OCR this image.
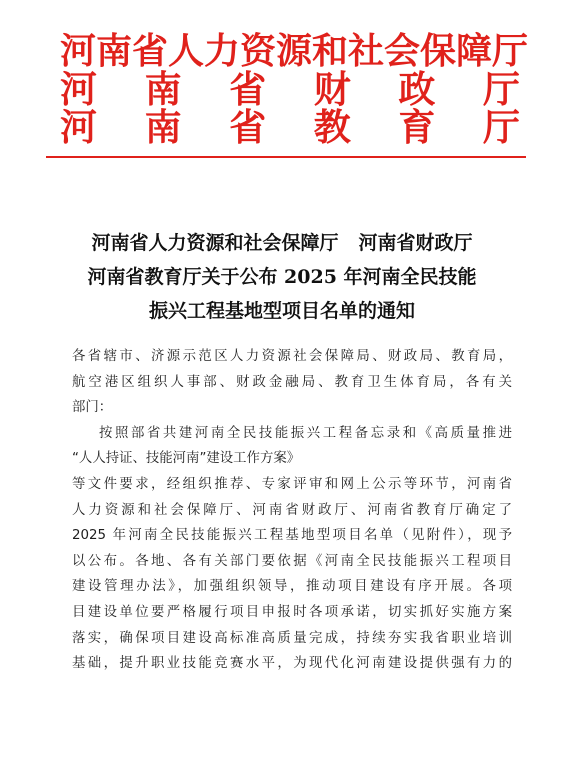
河南省人力资源和社会保障厅
河 南 省 财 政 厅
河 南 省 教 育 厅
河南省人力资源和社会保障厅 河南省财政厅
河南省教育厅关于公布 2025 年河南全民技能
振兴工程基地型项目名单的通知
各省辖市、济源示范区人力资源社会保障局、财政局、教育局，
航空港区组织人事部、财政金融局、教育卫生体育局，各有关
部门：
按照部省共建河南全民技能振兴工程备忘录和《高质量推进
“人人持证、技能河南”建设工作方案》
等文件要求，经组织推荐、专家评审和网上公示等环节，河南省
人力资源和社会保障厅、河南省财政厅、河南省教育厅确定了
2025 年河南全民技能振兴工程基地型项目名单（见附件），现予
以公布。各地、各有关部门要依据《河南全民技能振兴工程项目
建设管理办法》，加强组织领导，推动项目建设有序开展。各项
目建设单位要严格履行项目申报时各项承诺，切实抓好实施方案
落实，确保项目建设高标准高质量完成，持续夯实我省职业培训
基础，提升职业技能竞赛水平，为现代化河南建设提供强有力的
